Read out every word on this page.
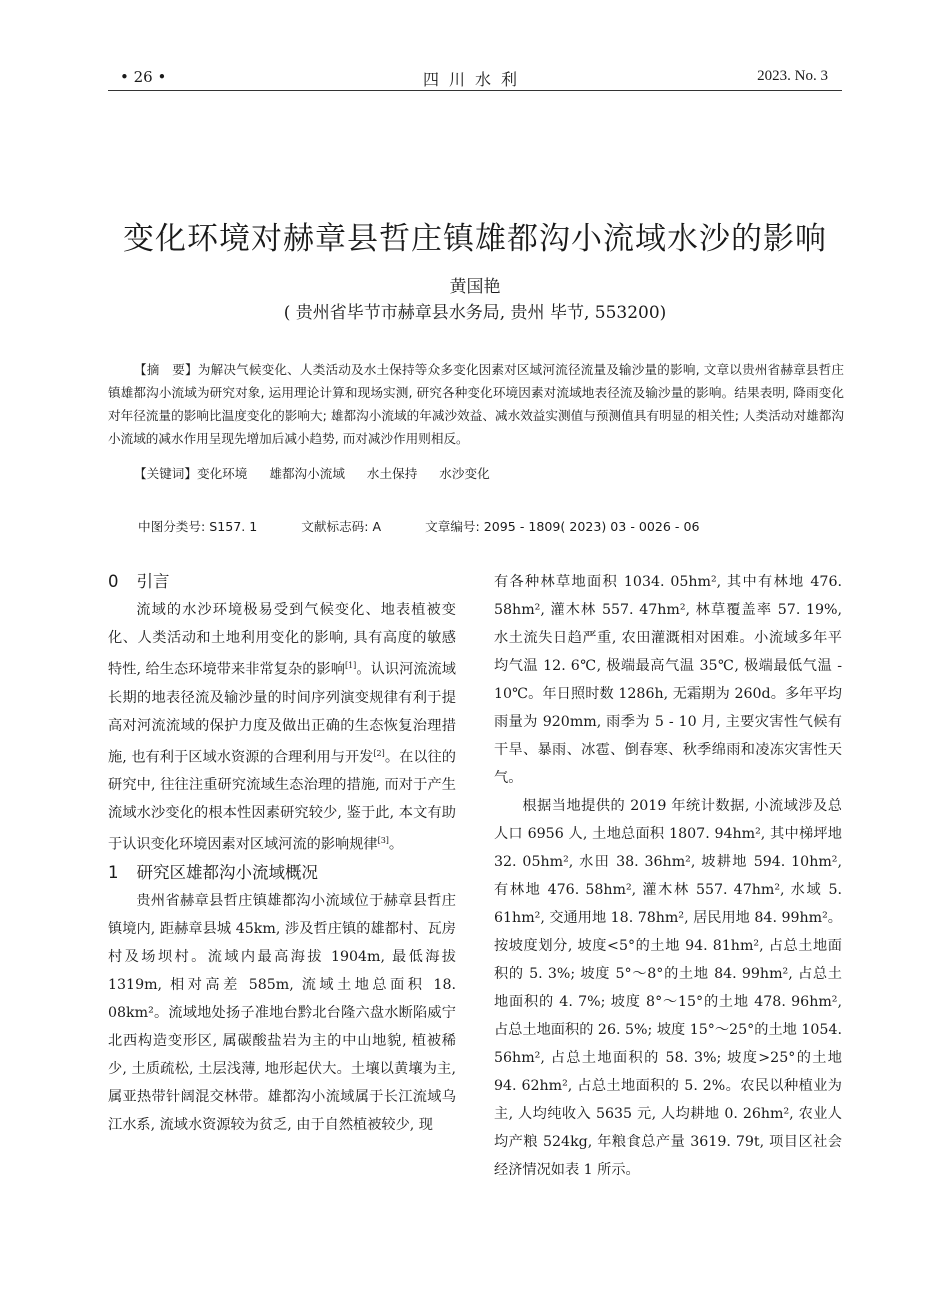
• 26 •	四川水利	2023. No. 3
变化环境对赫章县哲庄镇雄都沟小流域水沙的影响
黄国艳
( 贵州省毕节市赫章县水务局, 贵州 毕节, 553200)
【摘　要】为解决气候变化、人类活动及水土保持等众多变化因素对区域河流径流量及输沙量的影响, 文章以贵州省赫章县哲庄镇雄都沟小流域为研究对象, 运用理论计算和现场实测, 研究各种变化环境因素对流域地表径流及输沙量的影响。结果表明, 降雨变化对年径流量的影响比温度变化的影响大; 雄都沟小流域的年减沙效益、减水效益实测值与预测值具有明显的相关性; 人类活动对雄都沟小流域的减水作用呈现先增加后减小趋势, 而对减沙作用则相反。
【关键词】变化环境 雄都沟小流域 水土保持 水沙变化
中图分类号: S157. 1	文献标志码: A	文章编号: 2095 - 1809( 2023) 03 - 0026 - 06
0 引言

流域的水沙环境极易受到气候变化、地表植被变化、人类活动和土地利用变化的影响, 具有高度的敏感特性, 给生态环境带来非常复杂的影响[1]。认识河流流域长期的地表径流及输沙量的时间序列演变规律有利于提高对河流流域的保护力度及做出正确的生态恢复治理措施, 也有利于区域水资源的合理利用与开发[2]。在以往的研究中, 往往注重研究流域生态治理的措施, 而对于产生流域水沙变化的根本性因素研究较少, 鉴于此, 本文有助于认识变化环境因素对区域河流的影响规律[3]。

1 研究区雄都沟小流域概况

贵州省赫章县哲庄镇雄都沟小流域位于赫章县哲庄镇境内, 距赫章县城 45km, 涉及哲庄镇的雄都村、瓦房村及场坝村。流域内最高海拔 1904m, 最低海拔 1319m, 相对高差 585m, 流域土地总面积 18. 08km²。流域地处扬子准地台黔北台隆六盘水断陷威宁北西构造变形区, 属碳酸盐岩为主的中山地貌, 植被稀少, 土质疏松, 土层浅薄, 地形起伏大。土壤以黄壤为主, 属亚热带针阔混交林带。雄都沟小流域属于长江流域乌江水系, 流域水资源较为贫乏, 由于自然植被较少, 现

有各种林草地面积 1034. 05hm², 其中有林地 476. 58hm², 灌木林 557. 47hm², 林草覆盖率 57. 19%, 水土流失日趋严重, 农田灌溉相对困难。小流域多年平均气温 12. 6℃, 极端最高气温 35℃, 极端最低气温 - 10℃。年日照时数 1286h, 无霜期为 260d。多年平均雨量为 920mm, 雨季为 5 - 10 月, 主要灾害性气候有干旱、暴雨、冰雹、倒春寒、秋季绵雨和凌冻灾害性天气。

根据当地提供的 2019 年统计数据, 小流域涉及总人口 6956 人, 土地总面积 1807. 94hm², 其中梯坪地 32. 05hm², 水田 38. 36hm², 坡耕地 594. 10hm², 有林地 476. 58hm², 灌木林 557. 47hm², 水域 5. 61hm², 交通用地 18. 78hm², 居民用地 84. 99hm²。按坡度划分, 坡度<5°的土地 94. 81hm², 占总土地面积的 5. 3%; 坡度 5°～8°的土地 84. 99hm², 占总土地面积的 4. 7%; 坡度 8°～15°的土地 478. 96hm², 占总土地面积的 26. 5%; 坡度 15°～25°的土地 1054. 56hm², 占总土地面积的 58. 3%; 坡度>25°的土地 94. 62hm², 占总土地面积的 5. 2%。农民以种植业为主, 人均纯收入 5635 元, 人均耕地 0. 26hm², 农业人均产粮 524kg, 年粮食总产量 3619. 79t, 项目区社会经济情况如表 1 所示。
